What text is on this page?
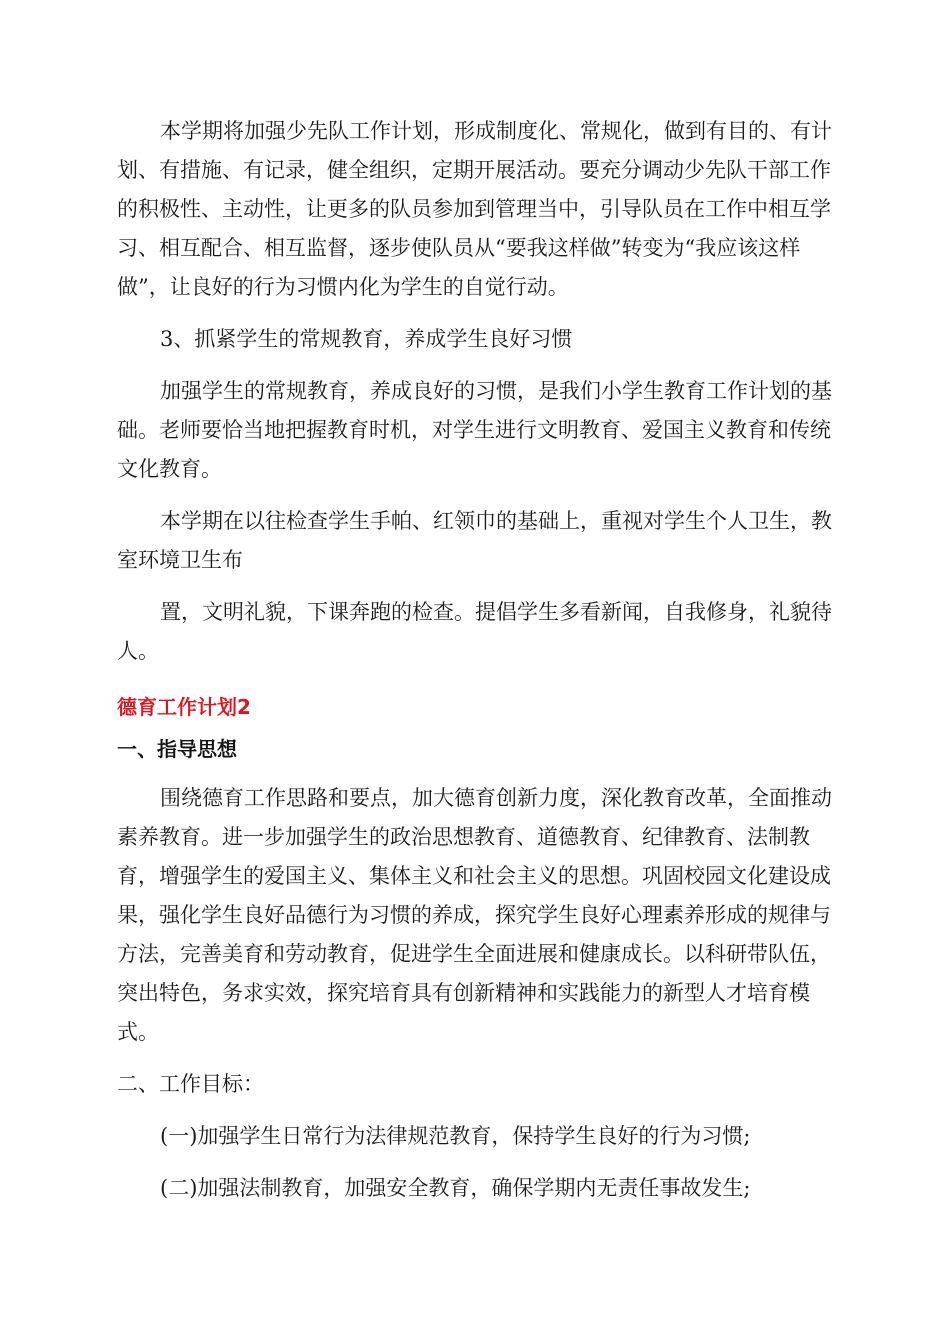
本学期将加强少先队工作计划，形成制度化、常规化，做到有目的、有计划、有措施、有记录，健全组织，定期开展活动。要充分调动少先队干部工作的积极性、主动性，让更多的队员参加到管理当中，引导队员在工作中相互学习、相互配合、相互监督，逐步使队员从“要我这样做”转变为“我应该这样做”，让良好的行为习惯内化为学生的自觉行动。

3、抓紧学生的常规教育，养成学生良好习惯

加强学生的常规教育，养成良好的习惯，是我们小学生教育工作计划的基础。老师要恰当地把握教育时机，对学生进行文明教育、爱国主义教育和传统文化教育。

本学期在以往检查学生手帕、红领巾的基础上，重视对学生个人卫生，教室环境卫生布

置，文明礼貌，下课奔跑的检查。提倡学生多看新闻，自我修身，礼貌待人。

德育工作计划2
一、指导思想

围绕德育工作思路和要点，加大德育创新力度，深化教育改革，全面推动素养教育。进一步加强学生的政治思想教育、道德教育、纪律教育、法制教育，增强学生的爱国主义、集体主义和社会主义的思想。巩固校园文化建设成果，强化学生良好品德行为习惯的养成，探究学生良好心理素养形成的规律与方法，完善美育和劳动教育，促进学生全面进展和健康成长。以科研带队伍，突出特色，务求实效，探究培育具有创新精神和实践能力的新型人才培育模式。

二、工作目标：

(一)加强学生日常行为法律规范教育，保持学生良好的行为习惯;

(二)加强法制教育，加强安全教育，确保学期内无责任事故发生;
